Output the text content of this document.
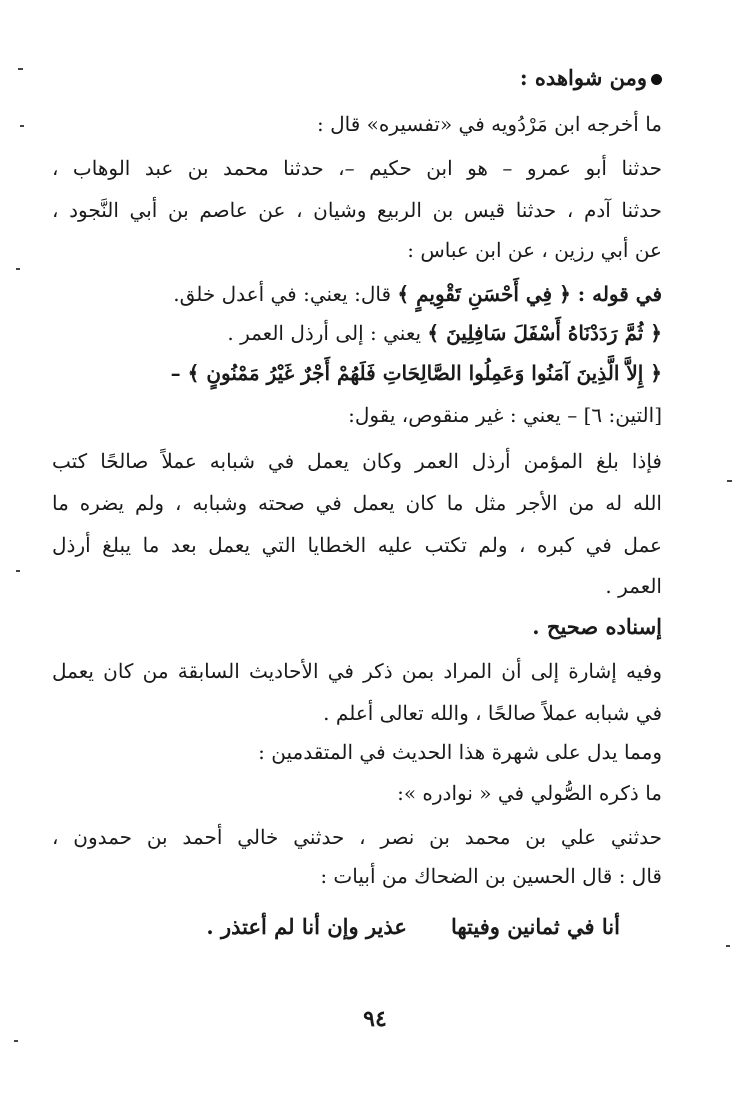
ومن شواهده :
ما أخرجه ابن مَرْدُويه في «تفسيره» قال :
حدثنا أبو عمرو – هو ابن حكيم –، حدثنا محمد بن عبد الوهاب ،
حدثنا آدم ، حدثنا قيس بن الربيع وشيان ، عن عاصم بن أبي النَّجود ،
عن أبي رزين ، عن ابن عباس :
في قوله : ﴿ فِي أَحْسَنِ تَقْوِيمٍ ﴾ قال: يعني: في أعدل خلق.
﴿ ثُمَّ رَدَدْنَاهُ أَسْفَلَ سَافِلِينَ ﴾ يعني : إلى أرذل العمر .
﴿ إِلاَّ الَّذِينَ آمَنُوا وَعَمِلُوا الصَّالِحَاتِ فَلَهُمْ أَجْرٌ غَيْرُ مَمْنُونٍ ﴾ –
[التين: ٦] – يعني : غير منقوص، يقول:
فإذا بلغ المؤمن أرذل العمر وكان يعمل في شبابه عملاً صالحًا كتب
الله له من الأجر مثل ما كان يعمل في صحته وشبابه ، ولم يضره ما
عمل في كبره ، ولم تكتب عليه الخطايا التي يعمل بعد ما يبلغ أرذل
العمر .
إسناده صحيح .
وفيه إشارة إلى أن المراد بمن ذكر في الأحاديث السابقة من كان يعمل
في شبابه عملاً صالحًا ، والله تعالى أعلم .
ومما يدل على شهرة هذا الحديث في المتقدمين :
ما ذكره الصُّولي في « نوادره »:
حدثني علي بن محمد بن نصر ، حدثني خالي أحمد بن حمدون ،
قال : قال الحسين بن الضحاك من أبيات :
أنا في ثمانين وفيتهاعذير وإن أنا لم أعتذر .
٩٤
